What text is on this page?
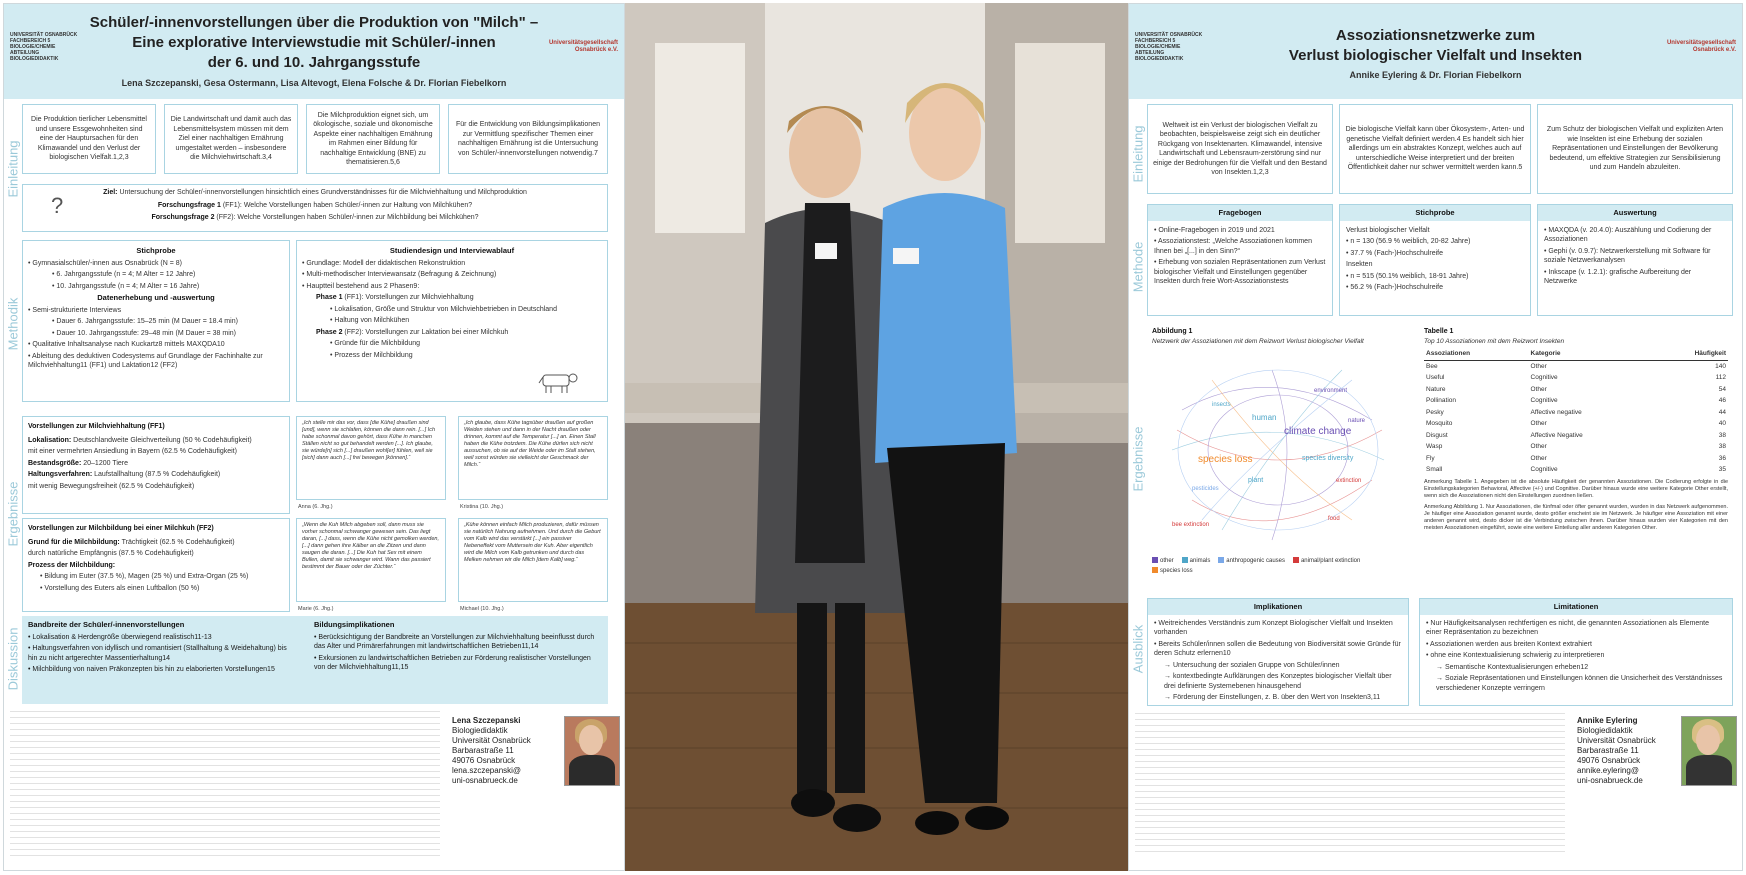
UNIVERSITÄT OSNABRÜCK
FACHBEREICH 5
BIOLOGIE/CHEMIE
ABTEILUNG BIOLOGIEDIDAKTIK
Schüler/-innenvorstellungen über die Produktion von "Milch" –
Eine explorative Interviewstudie mit Schüler/-innen
der 6. und 10. Jahrgangsstufe
Universitätsgesellschaft
Osnabrück e.V.
Lena Szczepanski, Gesa Ostermann, Lisa Altevogt, Elena Folsche & Dr. Florian Fiebelkorn
Einleitung
Methodik
Ergebnisse
Diskussion
Die Produktion tierlicher Lebensmittel und unsere Essgewohnheiten sind eine der Hauptursachen für den Klimawandel und den Verlust der biologischen Vielfalt.1,2,3
Die Landwirtschaft und damit auch das Lebensmittelsystem müssen mit dem Ziel einer nachhaltigen Ernährung umgestaltet werden – insbesondere die Milchviehwirtschaft.3,4
Die Milchproduktion eignet sich, um ökologische, soziale und ökonomische Aspekte einer nachhaltigen Ernährung im Rahmen einer Bildung für nachhaltige Entwicklung (BNE) zu thematisieren.5,6
Für die Entwicklung von Bildungsimplikationen zur Vermittlung spezifischer Themen einer nachhaltigen Ernährung ist die Untersuchung von Schüler/-innenvorstellungen notwendig.7
Ziel: Untersuchung der Schüler/-innenvorstellungen hinsichtlich eines Grundverständnisses für die Milchviehhaltung und Milchproduktion
?	Forschungsfrage 1 (FF1): Welche Vorstellungen haben Schüler/-innen zur Haltung von Milchkühen?
Forschungsfrage 2 (FF2): Welche Vorstellungen haben Schüler/-innen zur Milchbildung bei Milchkühen?
Stichprobe
• Gymnasialschüler/-innen aus Osnabrück (N = 8)
• 6. Jahrgangsstufe (n = 4; M Alter = 12 Jahre)
• 10. Jahrgangsstufe (n = 4; M Alter = 16 Jahre)
Datenerhebung und -auswertung
• Semi-strukturierte Interviews
• Dauer 6. Jahrgangsstufe: 15–25 min (M Dauer = 18.4 min)
• Dauer 10. Jahrgangsstufe: 29–48 min (M Dauer = 38 min)
• Qualitative Inhaltsanalyse nach Kuckartz8 mittels MAXQDA10
• Ableitung des deduktiven Codesystems auf Grundlage der Fachinhalte zur Milchviehhaltung11 (FF1) und Laktation12 (FF2)
Studiendesign und Interviewablauf
• Grundlage: Modell der didaktischen Rekonstruktion
• Multi-methodischer Interviewansatz (Befragung & Zeichnung)
• Hauptteil bestehend aus 2 Phasen9:
Phase 1 (FF1): Vorstellungen zur Milchviehhaltung
• Lokalisation, Größe und Struktur von Milchviehbetrieben in Deutschland
• Haltung von Milchkühen
Phase 2 (FF2): Vorstellungen zur Laktation bei einer Milchkuh
• Gründe für die Milchbildung
• Prozess der Milchbildung
Vorstellungen zur Milchviehhaltung (FF1)
Lokalisation: Deutschlandweite Gleichverteilung (50 % Codehäufigkeit)
mit einer vermehrten Ansiedlung in Bayern (62.5 % Codehäufigkeit)
Bestandsgröße: 20–1200 Tiere
Haltungsverfahren: Laufstallhaltung (87.5 % Codehäufigkeit)
mit wenig Bewegungsfreiheit (62.5 % Codehäufigkeit)
„Ich stelle mir das vor, dass [die Kühe] draußen sind [und], wenn sie schlafen, können die dann rein. [...] Ich habe schonmal davon gehört, dass Kühe in manchen Ställen nicht so gut behandelt werden [...]. Ich glaube, sie würde[n] sich [...] draußen wohl[er] fühlen, weil sie [sich] dann auch [...] frei bewegen [können].“
Anna (6. Jhg.)
„Ich glaube, dass Kühe tagsüber draußen auf großen Weiden stehen und dann in der Nacht draußen oder drinnen, kommt auf die Temperatur [...] an. Einen Stall haben die Kühe trotzdem. Die Kühe dürfen sich nicht aussuchen, ob sie auf der Weide oder im Stall stehen, weil sonst würden sie vielleicht der Geschmack der Milch.“
Kristina (10. Jhg.)
Vorstellungen zur Milchbildung bei einer Milchkuh (FF2)
Grund für die Milchbildung: Trächtigkeit (62.5 % Codehäufigkeit)
durch natürliche Empfängnis (87.5 % Codehäufigkeit)
Prozess der Milchbildung:
• Bildung im Euter (37.5 %), Magen (25 %) und Extra-Organ (25 %)
• Vorstellung des Euters als einen Luftballon (50 %)
„Wenn die Kuh Milch abgeben soll, dann muss sie vorher schonmal schwanger gewesen sein. Das liegt daran, [...] dass, wenn die Kühe nicht gemolken werden, [...] dann gehen ihre Kälber an die Zitzen und dann saugen die daran. [...] Die Kuh hat Sex mit einem Bullen, damit sie schwanger wird. Wann das passiert bestimmt der Bauer oder der Züchter.“
Marie (6. Jhg.)
„Kühe können einfach Milch produzieren, dafür müssen sie natürlich Nahrung aufnehmen. Und durch die Geburt vom Kalb wird das verstärkt [...] ein passiver Nebeneffekt vom Muttersein der Kuh. Aber eigentlich wird die Milch vom Kalb getrunken und durch das Melken nehmen wir die Milch [dem Kalb] weg.“
Michael (10. Jhg.)
Bandbreite der Schüler/-innenvorstellungen
• Lokalisation & Herdengröße überwiegend realistisch11-13
• Haltungsverfahren von idyllisch und romantisiert (Stallhaltung & Weidehaltung) bis hin zu nicht artgerechter Massentierhaltung14
• Milchbildung von naiven Präkonzepten bis hin zu elaborierten Vorstellungen15
Bildungsimplikationen
• Berücksichtigung der Bandbreite an Vorstellungen zur Milchviehhaltung beeinflusst durch das Alter und Primärerfahrungen mit landwirtschaftlichen Betrieben11,14
• Exkursionen zu landwirtschaftlichen Betrieben zur Förderung realistischer Vorstellungen von der Milchviehhaltung11,15
Lena Szczepanski
Biologiedidaktik
Universität Osnabrück
Barbarastraße 11
49076 Osnabrück
lena.szczepanski@
uni-osnabrueck.de
UNIVERSITÄT OSNABRÜCK
FACHBEREICH 5
BIOLOGIE/CHEMIE
ABTEILUNG BIOLOGIEDIDAKTIK
Assoziationsnetzwerke zum
Verlust biologischer Vielfalt und Insekten
Universitätsgesellschaft
Osnabrück e.V.
Annike Eylering & Dr. Florian Fiebelkorn
Einleitung
Methode
Ergebnisse
Ausblick
Weltweit ist ein Verlust der biologischen Vielfalt zu beobachten, beispielsweise zeigt sich ein deutlicher Rückgang von Insektenarten. Klimawandel, intensive Landwirtschaft und Lebensraum-zerstörung sind nur einige der Bedrohungen für die Vielfalt und den Bestand von Insekten.1,2,3
Die biologische Vielfalt kann über Ökosystem-, Arten- und genetische Vielfalt definiert werden.4 Es handelt sich hier allerdings um ein abstraktes Konzept, welches auch auf unterschiedliche Weise interpretiert und der breiten Öffentlichkeit daher nur schwer vermittelt werden kann.5
Zum Schutz der biologischen Vielfalt und expliziten Arten wie Insekten ist eine Erhebung der sozialen Repräsentationen und Einstellungen der Bevölkerung bedeutend, um effektive Strategien zur Sensibilisierung und zum Handeln abzuleiten.
Fragebogen
• Online-Fragebogen in 2019 und 2021
• Assoziationstest: „Welche Assoziationen kommen Ihnen bei „[...] in den Sinn?“
• Erhebung von sozialen Repräsentationen zum Verlust biologischer Vielfalt und Einstellungen gegenüber Insekten durch freie Wort-Assoziationstests
Stichprobe
Verlust biologischer Vielfalt
• n = 130 (56.9 % weiblich, 20-82 Jahre)
• 37.7 % (Fach-)Hochschulreife
Insekten
• n = 515 (50.1% weiblich, 18-91 Jahre)
• 56.2 % (Fach-)Hochschulreife
Auswertung
• MAXQDA (v. 20.4.0): Auszählung und Codierung der Assoziationen
• Gephi (v. 0.9.7): Netzwerkerstellung mit Software für soziale Netzwerkanalysen
• Inkscape (v. 1.2.1): grafische Aufbereitung der Netzwerke
Abbildung 1
Netzwerk der Assoziationen mit dem Reizwort Verlust biologischer Vielfalt
climate change
species loss	species diversity
human
environment
plant
bee extinction
food
insects
nature
pesticides
extinction
other	animals	anthropogenic causes	animal/plant extinction species loss
Tabelle 1
Top 10 Assoziationen mit dem Reizwort Insekten
Assoziationen	Kategorie	Häufigkeit
Bee	Other	140
Useful	Cognitive	112
Nature	Other	54
Pollination	Cognitive	46
Pesky	Affective negative	44
Mosquito	Other	40
Disgust	Affective Negative	38
Wasp	Other	38
Fly	Other	36
Small	Cognitive	35
Anmerkung Tabelle 1. Angegeben ist die absolute Häufigkeit der genannten Assoziationen. Die Codierung erfolgte in die Einstellungskategorien Behavioral, Affective (+/-) und Cognitive. Darüber hinaus wurde eine weitere Kategorie Other erstellt, wenn sich die Assoziationen nicht den Einstellungen zuordnen ließen.
Anmerkung Abbildung 1. Nur Assoziationen, die fünfmal oder öfter genannt wurden, wurden in das Netzwerk aufgenommen. Je häufiger eine Assoziation genannt wurde, desto größer erscheint sie im Netzwerk. Je häufiger eine Assoziation mit einer anderen genannt wird, desto dicker ist die Verbindung zwischen ihnen. Darüber hinaus wurden vier Kategorien mit den meisten Assoziationen eingeführt, sowie eine weitere Einteilung aller anderen Kategorien Other.
Implikationen
• Weitreichendes Verständnis zum Konzept Biologischer Vielfalt und Insekten vorhanden
• Bereits Schüler/innen sollen die Bedeutung von Biodiversität sowie Gründe für deren Schutz erlernen10
→ Untersuchung der sozialen Gruppe von Schüler/innen
→ kontextbedingte Aufklärungen des Konzeptes biologischer Vielfalt über drei definierte Systemebenen hinausgehend
→ Förderung der Einstellungen, z. B. über den Wert von Insekten3,11
Limitationen
• Nur Häufigkeitsanalysen rechtfertigen es nicht, die genannten Assoziationen als Elemente einer Repräsentation zu bezeichnen
• Assoziationen werden aus breiten Kontext extrahiert
• ohne eine Kontextualisierung schwierig zu interpretieren
→ Semantische Kontextualisierungen erheben12
→ Soziale Repräsentationen und Einstellungen können die Unsicherheit des Verständnisses verschiedener Konzepte verringern
Annike Eylering
Biologiedidaktik
Universität Osnabrück
Barbarastraße 11
49076 Osnabrück
annike.eylering@
uni-osnabrueck.de
